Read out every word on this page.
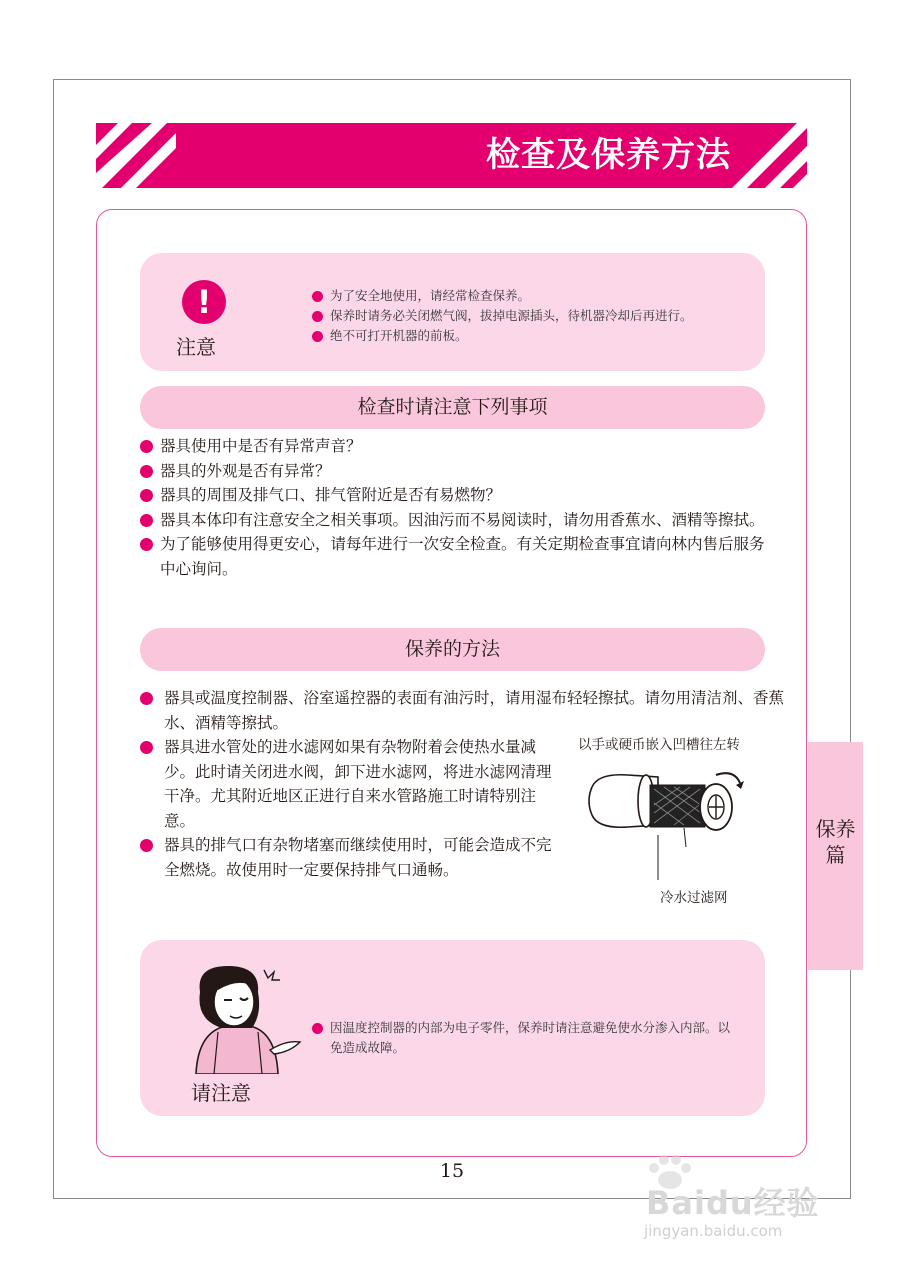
检查及保养方法
!
注意
为了安全地使用，请经常检查保养。
保养时请务必关闭燃气阀，拔掉电源插头，待机器冷却后再进行。
绝不可打开机器的前板。
检查时请注意下列事项
器具使用中是否有异常声音？
器具的外观是否有异常？
器具的周围及排气口、排气管附近是否有易燃物？
器具本体印有注意安全之相关事项。因油污而不易阅读时，请勿用香蕉水、酒精等擦拭。
为了能够使用得更安心，请每年进行一次安全检查。有关定期检查事宜请向林内售后服务中心询问。
保养的方法
器具或温度控制器、浴室遥控器的表面有油污时，请用湿布轻轻擦拭。请勿用清洁剂、香蕉水、酒精等擦拭。
器具进水管处的进水滤网如果有杂物附着会使热水量减少。此时请关闭进水阀，卸下进水滤网，将进水滤网清理干净。尤其附近地区正进行自来水管路施工时请特别注意。
器具的排气口有杂物堵塞而继续使用时，可能会造成不完全燃烧。故使用时一定要保持排气口通畅。
以手或硬币嵌入凹槽往左转
冷水过滤网
保养篇
请注意
因温度控制器的内部为电子零件，保养时请注意避免使水分渗入内部。以免造成故障。
15
Baidu经验
jingyan.baidu.com
